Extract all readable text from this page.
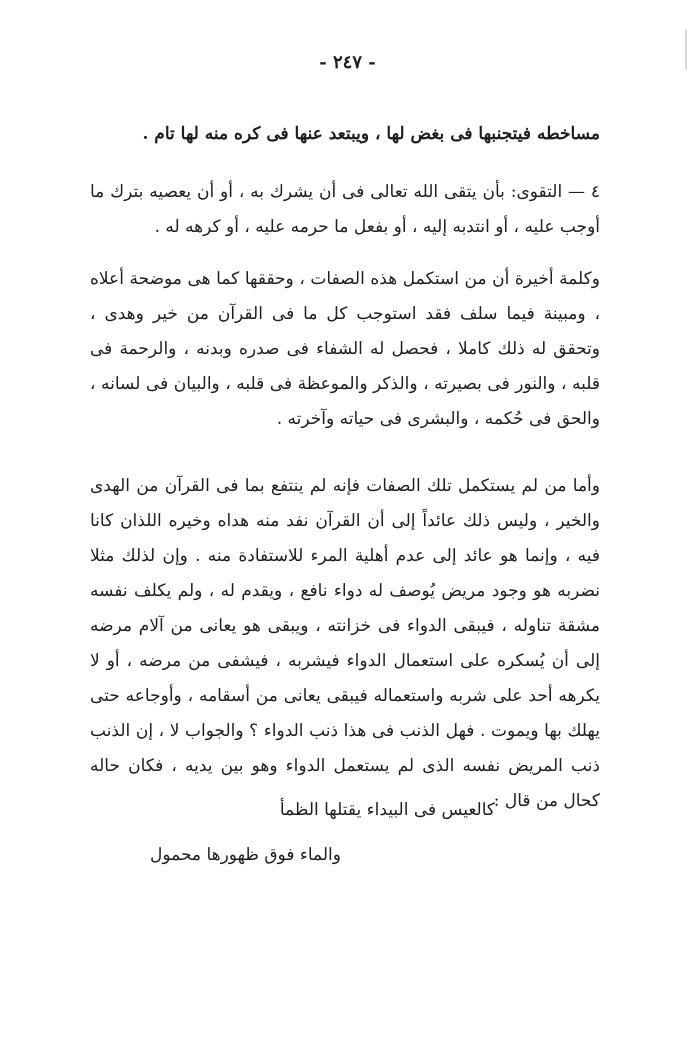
- ٢٤٧ -

مساخطه فيتجنبها فى بغض لها ، ويبتعد عنها فى كره منه لها تام .

٤ — التقوى: بأن يتقى الله تعالى فى أن يشرك به ، أو أن يعصيه بترك ما أوجب عليه ، أو انتدبه إليه ، أو بفعل ما حرمه عليه ، أو كرهه له .

وكلمة أخيرة أن من استكمل هذه الصفات ، وحققها كما هى موضحة أعلاه ، ومبينة فيما سلف فقد استوجب كل ما فى القرآن من خير وهدى ، وتحقق له ذلك كاملا ، فحصل له الشفاء فى صدره وبدنه ، والرحمة فى قلبه ، والنور فى بصيرته ، والذكر والموعظة فى قلبه ، والبيان فى لسانه ، والحق فى حُكمه ، والبشرى فى حياته وآخرته .

وأما من لم يستكمل تلك الصفات فإنه لم ينتفع بما فى القرآن من الهدى والخير ، وليس ذلك عائداً إلى أن القرآن نفد منه هداه وخيره اللذان كانا فيه ، وإنما هو عائد إلى عدم أهلية المرء للاستفادة منه . وإن لذلك مثلا نضربه هو وجود مريض يُوصف له دواء نافع ، ويقدم له ، ولم يكلف نفسه مشقة تناوله ، فيبقى الدواء فى خزانته ، ويبقى هو يعانى من آلام مرضه إلى أن يُسكره على استعمال الدواء فيشربه ، فيشفى من مرضه ، أو لا يكرهه أحد على شربه واستعماله فيبقى يعانى من أسقامه ، وأوجاعه حتى يهلك بها ويموت . فهل الذنب فى هذا ذنب الدواء ؟ والجواب لا ، إن الذنب ذنب المريض نفسه الذى لم يستعمل الدواء وهو بين يديه ، فكان حاله كحال من قال :

كالعيس فى البيداء يقتلها الظمأ
والماء فوق ظهورها محمول
